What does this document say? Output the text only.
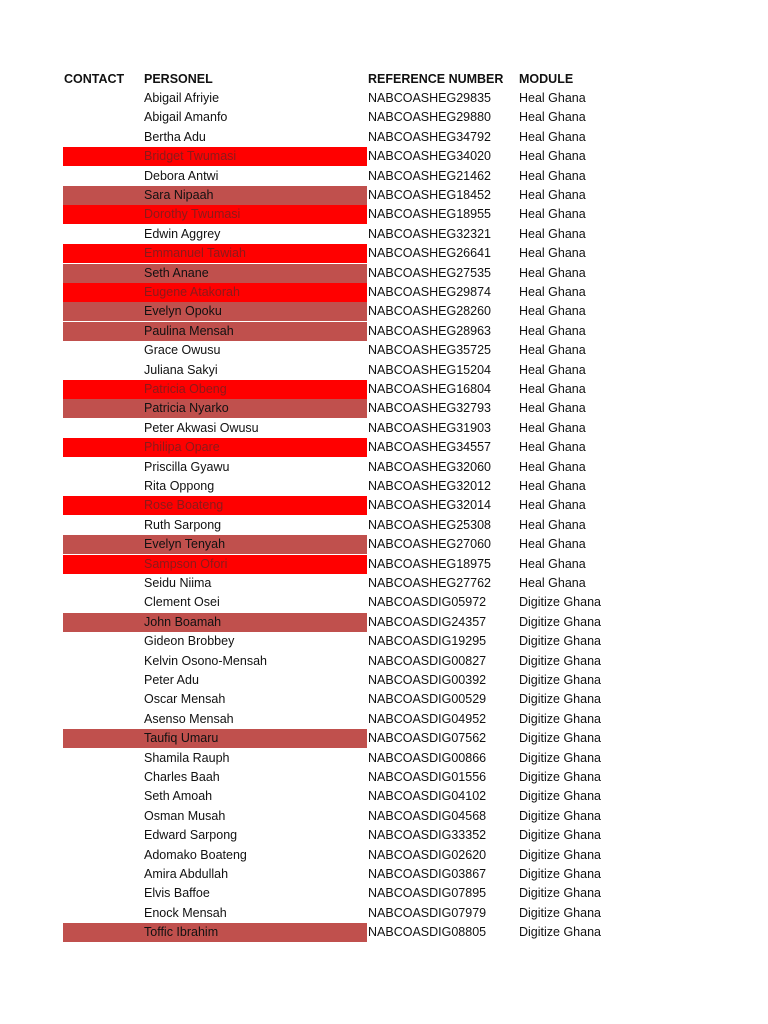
CONTACT PERSONEL	REFERENCE NUMBER MODULE
Abigail Afriyie	NABCOASHEG29835 Heal Ghana
Abigail Amanfo	NABCOASHEG29880 Heal Ghana
Bertha Adu	NABCOASHEG34792 Heal Ghana
Bridget Twumasi	NABCOASHEG34020 Heal Ghana
Debora Antwi	NABCOASHEG21462 Heal Ghana
Sara Nipaah	NABCOASHEG18452 Heal Ghana
Dorothy Twumasi	NABCOASHEG18955 Heal Ghana
Edwin Aggrey	NABCOASHEG32321 Heal Ghana
Emmanuel Tawiah	NABCOASHEG26641 Heal Ghana
Seth Anane	NABCOASHEG27535 Heal Ghana
Eugene Atakorah	NABCOASHEG29874 Heal Ghana
Evelyn Opoku	NABCOASHEG28260 Heal Ghana
Paulina Mensah	NABCOASHEG28963 Heal Ghana
Grace Owusu	NABCOASHEG35725 Heal Ghana
Juliana Sakyi	NABCOASHEG15204 Heal Ghana
Patricia Obeng	NABCOASHEG16804 Heal Ghana
Patricia Nyarko	NABCOASHEG32793 Heal Ghana
Peter Akwasi Owusu	NABCOASHEG31903 Heal Ghana
Philipa Opare	NABCOASHEG34557 Heal Ghana
Priscilla Gyawu	NABCOASHEG32060 Heal Ghana
Rita Oppong	NABCOASHEG32012 Heal Ghana
Rose Boateng	NABCOASHEG32014 Heal Ghana
Ruth Sarpong	NABCOASHEG25308 Heal Ghana
Evelyn Tenyah	NABCOASHEG27060 Heal Ghana
Sampson Ofori	NABCOASHEG18975 Heal Ghana
Seidu Niima	NABCOASHEG27762 Heal Ghana
Clement Osei	NABCOASDIG05972	Digitize Ghana
John Boamah	NABCOASDIG24357	Digitize Ghana
Gideon Brobbey	NABCOASDIG19295	Digitize Ghana
Kelvin Osono-Mensah	NABCOASDIG00827	Digitize Ghana
Peter Adu	NABCOASDIG00392	Digitize Ghana
Oscar Mensah	NABCOASDIG00529	Digitize Ghana
Asenso Mensah	NABCOASDIG04952	Digitize Ghana
Taufiq Umaru	NABCOASDIG07562	Digitize Ghana
Shamila Rauph	NABCOASDIG00866	Digitize Ghana
Charles Baah	NABCOASDIG01556	Digitize Ghana
Seth Amoah	NABCOASDIG04102	Digitize Ghana
Osman Musah	NABCOASDIG04568	Digitize Ghana
Edward Sarpong	NABCOASDIG33352	Digitize Ghana
Adomako Boateng	NABCOASDIG02620	Digitize Ghana
Amira Abdullah	NABCOASDIG03867	Digitize Ghana
Elvis Baffoe	NABCOASDIG07895	Digitize Ghana
Enock Mensah	NABCOASDIG07979	Digitize Ghana
Toffic Ibrahim	NABCOASDIG08805	Digitize Ghana
